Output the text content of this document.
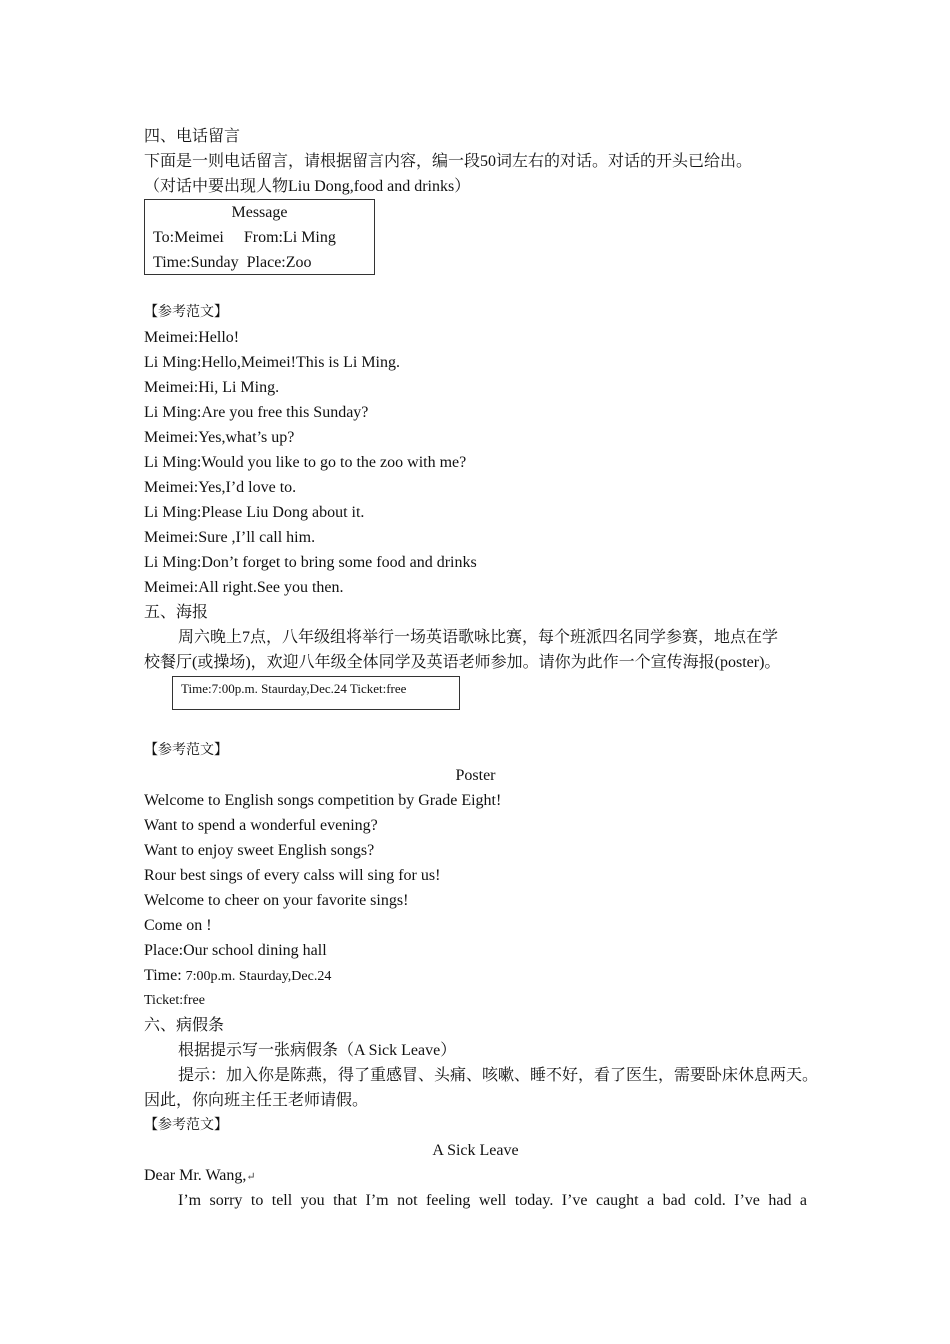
四、电话留言
下面是一则电话留言，请根据留言内容，编一段50词左右的对话。对话的开头已给出。
（对话中要出现人物Liu Dong,food and drinks）
Message
To:Meimei     From:Li Ming
Time:Sunday  Place:Zoo
【参考范文】
Meimei:Hello!
Li Ming:Hello,Meimei!This is Li Ming.
Meimei:Hi, Li Ming.
Li Ming:Are you free this Sunday?
Meimei:Yes,what’s up?
Li Ming:Would you like to go to the zoo with me?
Meimei:Yes,I’d love to.
Li Ming:Please Liu Dong about it.
Meimei:Sure ,I’ll call him.
Li Ming:Don’t forget to bring some food and drinks
Meimei:All right.See you then.
五、海报
周六晚上7点，八年级组将举行一场英语歌咏比赛，每个班派四名同学参赛，地点在学
校餐厅(或操场)，欢迎八年级全体同学及英语老师参加。请你为此作一个宣传海报(poster)。
Time:7:00p.m. Staurday,Dec.24 Ticket:free
【参考范文】
Poster
Welcome to English songs competition by Grade Eight!
Want to spend a wonderful evening?
Want to enjoy sweet English songs?
Rour best sings of every calss will sing for us!
Welcome to cheer on your favorite sings!
Come on !
Place:Our school dining hall
Time: 7:00p.m. Staurday,Dec.24
Ticket:free
六、病假条
根据提示写一张病假条（A Sick Leave）
提示：加入你是陈燕，得了重感冒、头痛、咳嗽、睡不好，看了医生，需要卧床休息两天。
因此，你向班主任王老师请假。
【参考范文】
A Sick Leave
Dear Mr. Wang,↵
I’m sorry to tell you that I’m not feeling well today. I’ve caught a bad cold. I’ve had a
